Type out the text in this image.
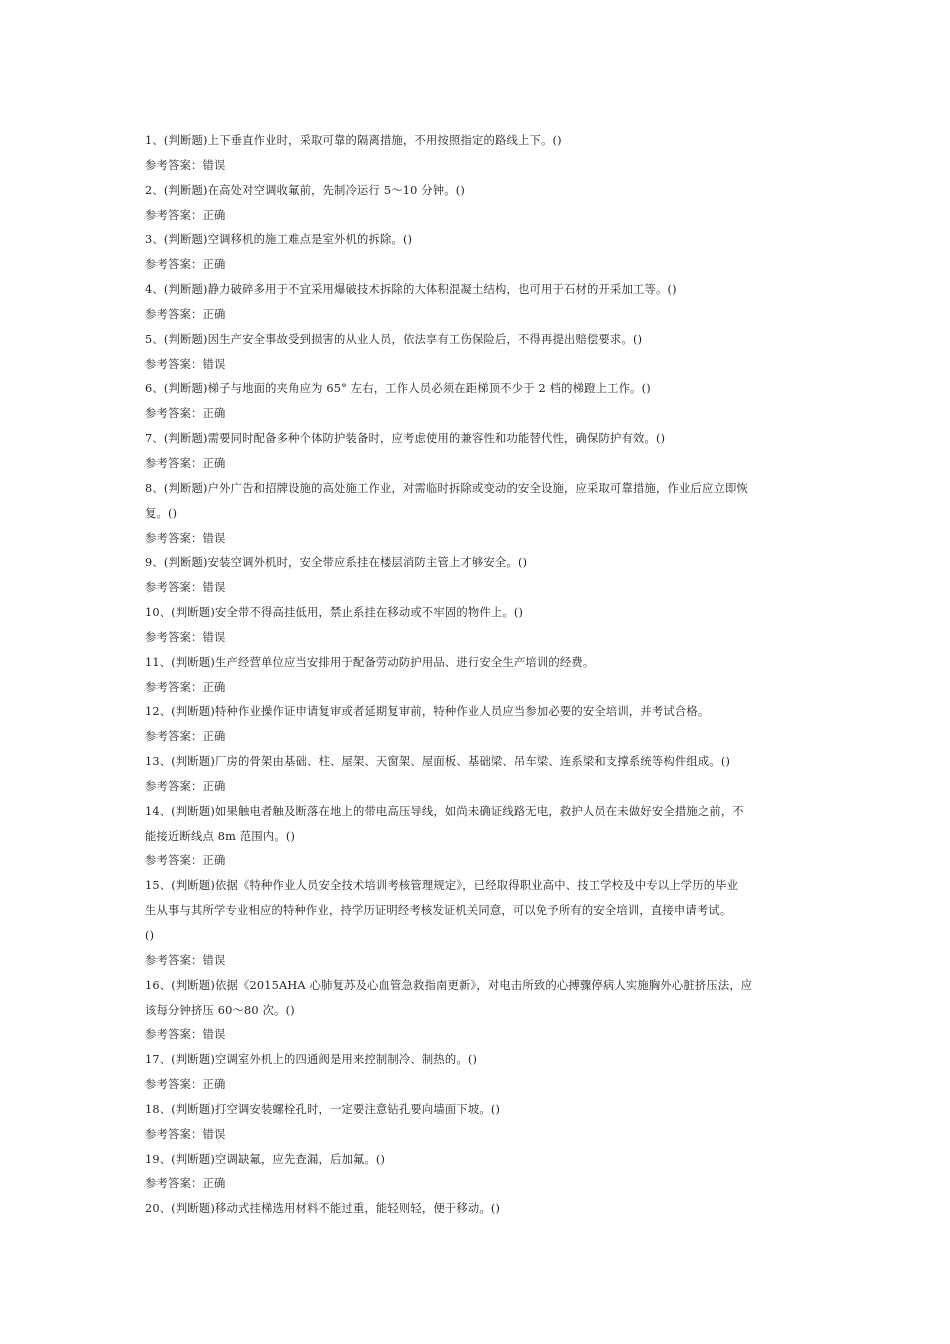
1、(判断题)上下垂直作业时，采取可靠的隔离措施，不用按照指定的路线上下。()
参考答案：错误
2、(判断题)在高处对空调收氟前，先制冷运行 5～10 分钟。()
参考答案：正确
3、(判断题)空调移机的施工难点是室外机的拆除。()
参考答案：正确
4、(判断题)静力破碎多用于不宜采用爆破技术拆除的大体积混凝土结构，也可用于石材的开采加工等。()
参考答案：正确
5、(判断题)因生产安全事故受到损害的从业人员，依法享有工伤保险后，不得再提出赔偿要求。()
参考答案：错误
6、(判断题)梯子与地面的夹角应为 65° 左右，工作人员必须在距梯顶不少于 2 档的梯蹬上工作。()
参考答案：正确
7、(判断题)需要同时配备多种个体防护装备时，应考虑使用的兼容性和功能替代性，确保防护有效。()
参考答案：正确
8、(判断题)户外广告和招牌设施的高处施工作业，对需临时拆除或变动的安全设施，应采取可靠措施，作业后应立即恢
复。()
参考答案：错误
9、(判断题)安装空调外机时，安全带应系挂在楼层消防主管上才够安全。()
参考答案：错误
10、(判断题)安全带不得高挂低用，禁止系挂在移动或不牢固的物件上。()
参考答案：错误
11、(判断题)生产经营单位应当安排用于配备劳动防护用品、进行安全生产培训的经费。
参考答案：正确
12、(判断题)特种作业操作证申请复审或者延期复审前，特种作业人员应当参加必要的安全培训，并考试合格。
参考答案：正确
13、(判断题)厂房的骨架由基础、柱、屋架、天窗架、屋面板、基础梁、吊车梁、连系梁和支撑系统等构件组成。()
参考答案：正确
14、(判断题)如果触电者触及断落在地上的带电高压导线，如尚未确证线路无电，救护人员在未做好安全措施之前，不
能接近断线点 8m 范围内。()
参考答案：正确
15、(判断题)依据《特种作业人员安全技术培训考核管理规定》，已经取得职业高中、技工学校及中专以上学历的毕业
生从事与其所学专业相应的特种作业，持学历证明经考核发证机关同意，可以免予所有的安全培训，直接申请考试。
()
参考答案：错误
16、(判断题)依据《2015AHA 心肺复苏及心血管急救指南更新》，对电击所致的心搏骤停病人实施胸外心脏挤压法，应
该每分钟挤压 60～80 次。()
参考答案：错误
17、(判断题)空调室外机上的四通阀是用来控制制冷、制热的。()
参考答案：正确
18、(判断题)打空调安装螺栓孔时，一定要注意钻孔要向墙面下坡。()
参考答案：错误
19、(判断题)空调缺氟，应先查漏，后加氟。()
参考答案：正确
20、(判断题)移动式挂梯选用材料不能过重，能轻则轻，便于移动。()
